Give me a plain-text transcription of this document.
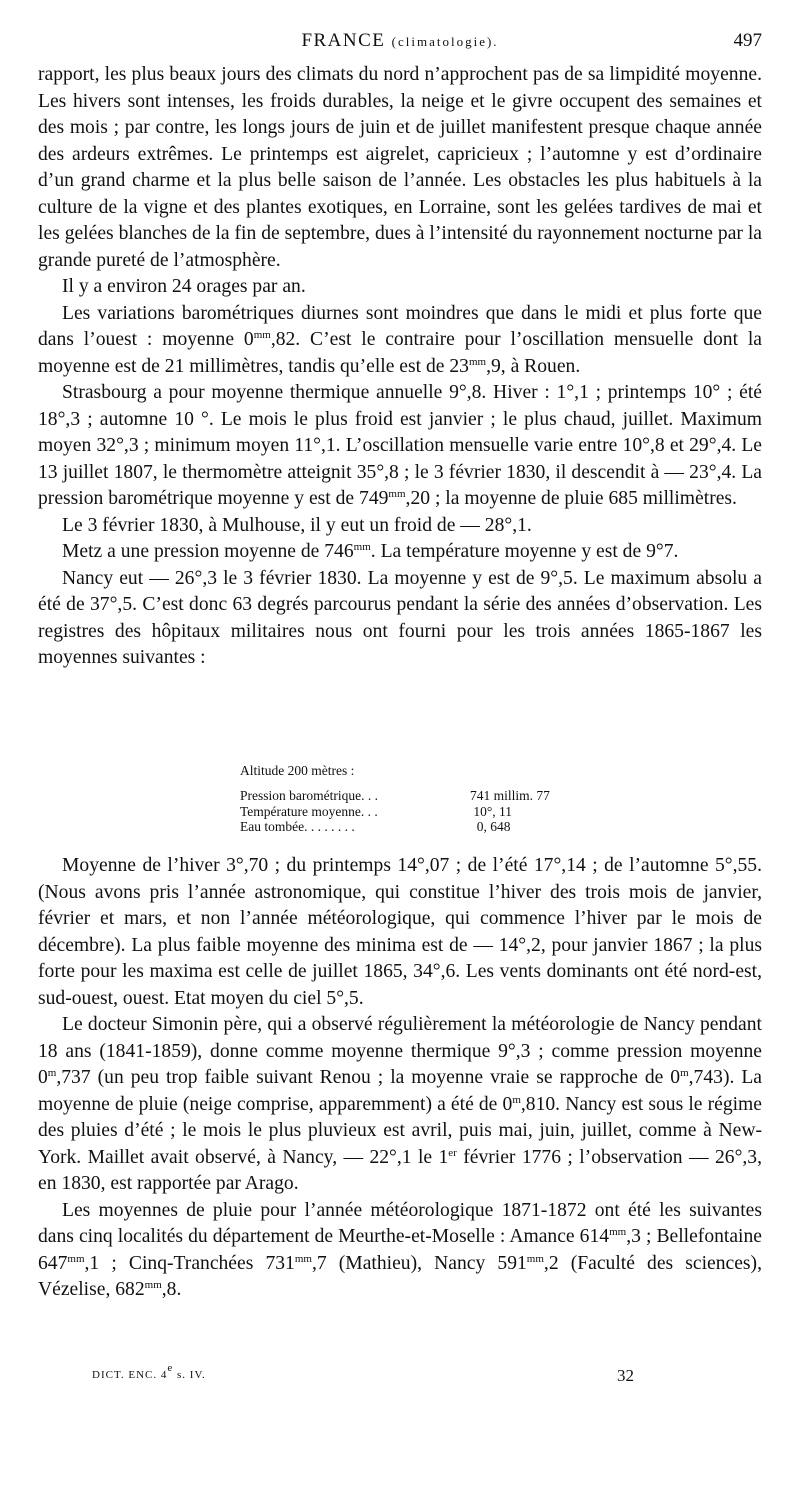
FRANCE (climatologie).	497

rapport, les plus beaux jours des climats du nord n’approchent pas de sa limpidité moyenne. Les hivers sont intenses, les froids durables, la neige et le givre occupent des semaines et des mois ; par contre, les longs jours de juin et de juillet manifestent presque chaque année des ardeurs extrêmes. Le printemps est aigrelet, capricieux ; l’automne y est d’ordinaire d’un grand charme et la plus belle saison de l’année. Les obstacles les plus habituels à la culture de la vigne et des plantes exotiques, en Lorraine, sont les gelées tardives de mai et les gelées blanches de la fin de septembre, dues à l’intensité du rayonnement nocturne par la grande pureté de l’atmosphère.

Il y a environ 24 orages par an.

Les variations barométriques diurnes sont moindres que dans le midi et plus forte que dans l’ouest : moyenne $0^{mm},82$. C’est le contraire pour l’oscillation mensuelle dont la moyenne est de 21 millimètres, tandis qu’elle est de $23^{mm},9$, à Rouen.

Strasbourg a pour moyenne thermique annuelle 9°,8. Hiver : 1°,1 ; printemps 10° ; été 18°,3 ; automne 10 °. Le mois le plus froid est janvier ; le plus chaud, juillet. Maximum moyen 32°,3 ; minimum moyen 11°,1. L’oscillation mensuelle varie entre 10°,8 et 29°,4. Le 13 juillet 1807, le thermomètre atteignit 35°,8 ; le 3 février 1830, il descendit à — 23°,4. La pression barométrique moyenne y est de $749^{mm},20$ ; la moyenne de pluie 685 millimètres.

Le 3 février 1830, à Mulhouse, il y eut un froid de — 28°,1.

Metz a une pression moyenne de $746^{mm}$. La température moyenne y est de 9°7.

Nancy eut — 26°,3 le 3 février 1830. La moyenne y est de 9°,5. Le maximum absolu a été de 37°,5. C’est donc 63 degrés parcourus pendant la série des années d’observation. Les registres des hôpitaux militaires nous ont fourni pour les trois années 1865-1867 les moyennes suivantes :

Altitude 200 mètres :
Pression barométrique. . .	741 millim. 77
Température moyenne. . .	10°, 11
Eau tombée. . . . . . . .	0, 648

Moyenne de l’hiver 3°,70 ; du printemps 14°,07 ; de l’été 17°,14 ; de l’automne 5°,55. (Nous avons pris l’année astronomique, qui constitue l’hiver des trois mois de janvier, février et mars, et non l’année météorologique, qui commence l’hiver par le mois de décembre). La plus faible moyenne des minima est de — 14°,2, pour janvier 1867 ; la plus forte pour les maxima est celle de juillet 1865, 34°,6. Les vents dominants ont été nord-est, sud-ouest, ouest. Etat moyen du ciel 5°,5.

Le docteur Simonin père, qui a observé régulièrement la météorologie de Nancy pendant 18 ans (1841-1859), donne comme moyenne thermique 9°,3 ; comme pression moyenne 0$^m$,737 (un peu trop faible suivant Renou ; la moyenne vraie se rapproche de 0$^m$,743). La moyenne de pluie (neige comprise, apparemment) a été de 0$^m$,810. Nancy est sous le régime des pluies d’été ; le mois le plus pluvieux est avril, puis mai, juin, juillet, comme à New-York. Maillet avait observé, à Nancy, — 22°,1 le 1er février 1776 ; l’observation — 26°,3, en 1830, est rapportée par Arago.

Les moyennes de pluie pour l’année météorologique 1871-1872 ont été les suivantes dans cinq localités du département de Meurthe-et-Moselle : Amance $614^{mm},3$ ; Bellefontaine $647^{mm},1$ ; Cinq-Tranchées $731^{mm},7$ (Mathieu), Nancy $591^{mm},2$ (Faculté des sciences), Vézelise, $682^{mm},8$.

DICT. ENC. 4e s. IV.	32
